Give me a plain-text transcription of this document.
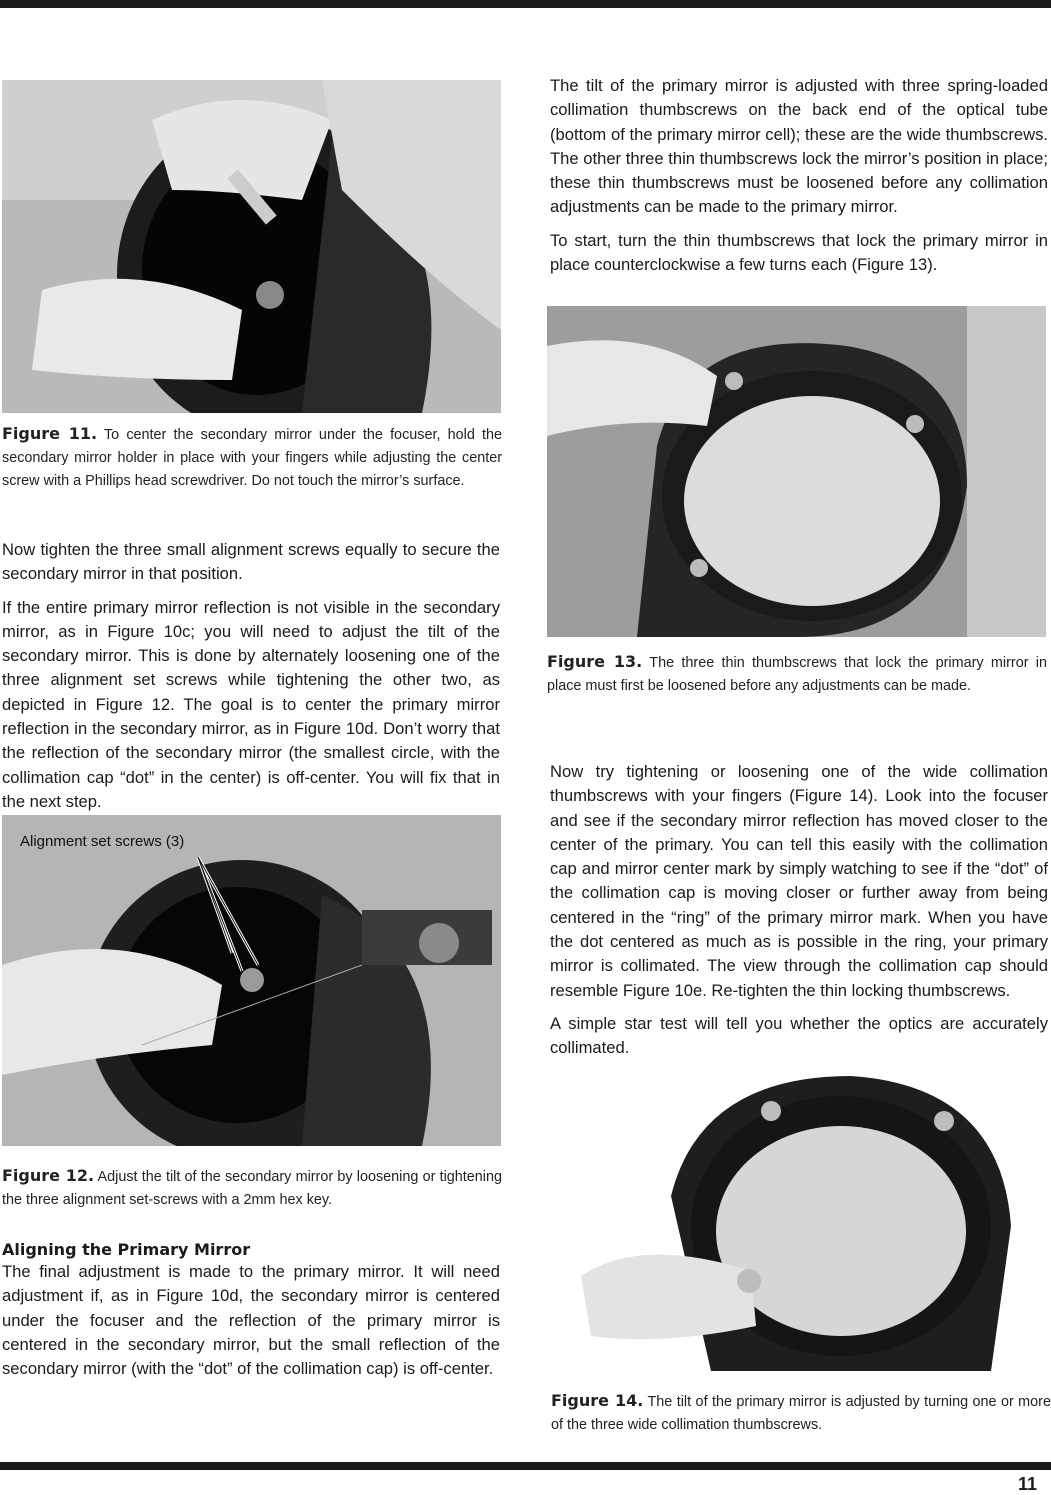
Figure 11. To center the secondary mirror under the focuser, hold the secondary mirror holder in place with your fingers while adjusting the center screw with a Phillips head screwdriver. Do not touch the mirror’s surface.

Now tighten the three small alignment screws equally to secure the secondary mirror in that position.

If the entire primary mirror reflection is not visible in the secondary mirror, as in Figure 10c; you will need to adjust the tilt of the secondary mirror. This is done by alternately loosening one of the three alignment set screws while tightening the other two, as depicted in Figure 12. The goal is to center the primary mirror reflection in the secondary mirror, as in Figure 10d. Don’t worry that the reflection of the secondary mirror (the smallest circle, with the collimation cap “dot” in the center) is off-center. You will fix that in the next step.

Alignment set screws (3)
Figure 12. Adjust the tilt of the secondary mirror by loosening or tightening the three alignment set-screws with a 2mm hex key.
Aligning the Primary Mirror

The final adjustment is made to the primary mirror. It will need adjustment if, as in Figure 10d, the secondary mirror is centered under the focuser and the reflection of the primary mirror is centered in the secondary mirror, but the small reflection of the secondary mirror (with the “dot” of the collimation cap) is off-center.

The tilt of the primary mirror is adjusted with three spring-loaded collimation thumbscrews on the back end of the optical tube (bottom of the primary mirror cell); these are the wide thumbscrews. The other three thin thumbscrews lock the mirror’s position in place; these thin thumbscrews must be loosened before any collimation adjustments can be made to the primary mirror.

To start, turn the thin thumbscrews that lock the primary mirror in place counterclockwise a few turns each (Figure 13).

Figure 13. The three thin thumbscrews that lock the primary mirror in place must first be loosened before any adjustments can be made.

Now try tightening or loosening one of the wide collimation thumbscrews with your fingers (Figure 14). Look into the focuser and see if the secondary mirror reflection has moved closer to the center of the primary. You can tell this easily with the collimation cap and mirror center mark by simply watching to see if the “dot” of the collimation cap is moving closer or further away from being centered in the “ring” of the primary mirror mark. When you have the dot centered as much as is possible in the ring, your primary mirror is collimated. The view through the collimation cap should resemble Figure 10e. Re-tighten the thin locking thumbscrews.

A simple star test will tell you whether the optics are accurately collimated.

Figure 14. The tilt of the primary mirror is adjusted by turning one or more of the three wide collimation thumbscrews.
11
